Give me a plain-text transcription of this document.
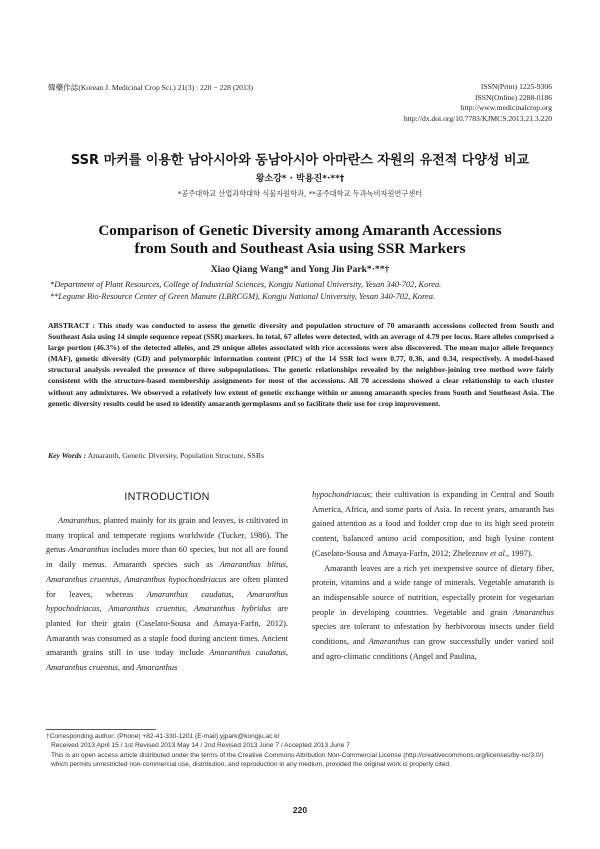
韓藥作誌(Korean J. Medicinal Crop Sci.) 21(3) : 220 − 228 (2013)	ISSN(Print) 1225-9306
ISSN(Online) 2288-0186
http://www.medicinalcrop.org
http://dx.doi.org/10.7783/KJMCS.2013.21.3.220
SSR 마커를 이용한 남아시아와 동남아시아 아마란스 자원의 유전적 다양성 비교
왕소강* · 박용진*·**†
*공주대학교 산업과학대학 식물자원학과, **공주대학교 두과녹비자원연구센터
Comparison of Genetic Diversity among Amaranth Accessions
from South and Southeast Asia using SSR Markers
Xiao Qiang Wang* and Yong Jin Park*·**†
*Department of Plant Resources, College of Industrial Sciences, Kongju National University, Yesan 340-702, Korea.
**Legume Bio-Resource Center of Green Manure (LBRCGM), Kongju National University, Yesan 340-702, Korea.
ABSTRACT : This study was conducted to assess the genetic diversity and population structure of 70 amaranth accessions collected from South and Southeast Asia using 14 simple sequence repeat (SSR) markers. In total, 67 alleles were detected, with an average of 4.79 per locus. Rare alleles comprised a large portion (46.3%) of the detected alleles, and 29 unique alleles associated with rice accessions were also discovered. The mean major allele frequency (MAF), genetic diversity (GD) and polymorphic information content (PIC) of the 14 SSR loci were 0.77, 0.36, and 0.34, respectively. A model-based structural analysis revealed the presence of three subpopulations. The genetic relationships revealed by the neighbor-joining tree method were fairly consistent with the structure-based membership assignments for most of the accessions. All 70 accessions showed a clear relationship to each cluster without any admixtures. We observed a relatively low extent of genetic exchange within or among amaranth species from South and Southeast Asia. The genetic diversity results could be used to identify amaranth germplasms and so facilitate their use for crop improvement.
Key Words : Amaranth, Genetic Diversity, Population Structure, SSRs
INTRODUCTION

Amaranthus, planted mainly for its grain and leaves, is cultivated in many tropical and temperate regions worldwide (Tucker, 1986). The genus Amaranthus includes more than 60 species, but not all are found in daily menus. Amaranth species such as Amaranthus blitus, Amaranthus cruentus, Amaranthus hypochondriacus are often planted for leaves, whereas Amaranthus caudatus, Amaranthus hypochodriacus, Amaranthus cruentus, Amaranthus hybridus are planted for their grain (Caselato-Sousa and Amaya-Farfn, 2012). Amaranth was consumed as a staple food during ancient times. Ancient amaranth grains still in use today include Amaranthus caudatus, Amaranthus cruentus, and Amaranthus

hypochondriacus; their cultivation is expanding in Central and South America, Africa, and some parts of Asia. In recent years, amaranth has gained attention as a food and fodder crop due to its high seed protein content, balanced amino acid composition, and high lysine content (Caselato-Sousa and Amaya-Farfn, 2012; Zheleznov et al., 1997).

Amaranth leaves are a rich yet inexpensive source of dietary fiber, protein, vitamins and a wide range of minerals. Vegetable amaranth is an indispensable source of nutrition, especially protein for vegetarian people in developing countries. Vegetable and grain Amaranthus species are tolerant to infestation by herbivorous insects under field conditions, and Amaranthus can grow successfully under varied soil and agro-climatic conditions (Angel and Paulina,

†Corresponding author: (Phone) +82-41-330-1201 (E-mail) yjpark@kongju.ac.kr
Received 2013 April 15 / 1st Revised 2013 May 14 / 2nd Revised 2013 June 7 / Accepted 2013 June 7
This is an open access article distributed under the terms of the Creative Commons Attribution Non-Commercial License (http://creativecommons.org/licenses/by-nc/3.0/) which permits unrestricted non-commercial use, distribution, and reproduction in any medium, provided the original work is properly cited.
220
